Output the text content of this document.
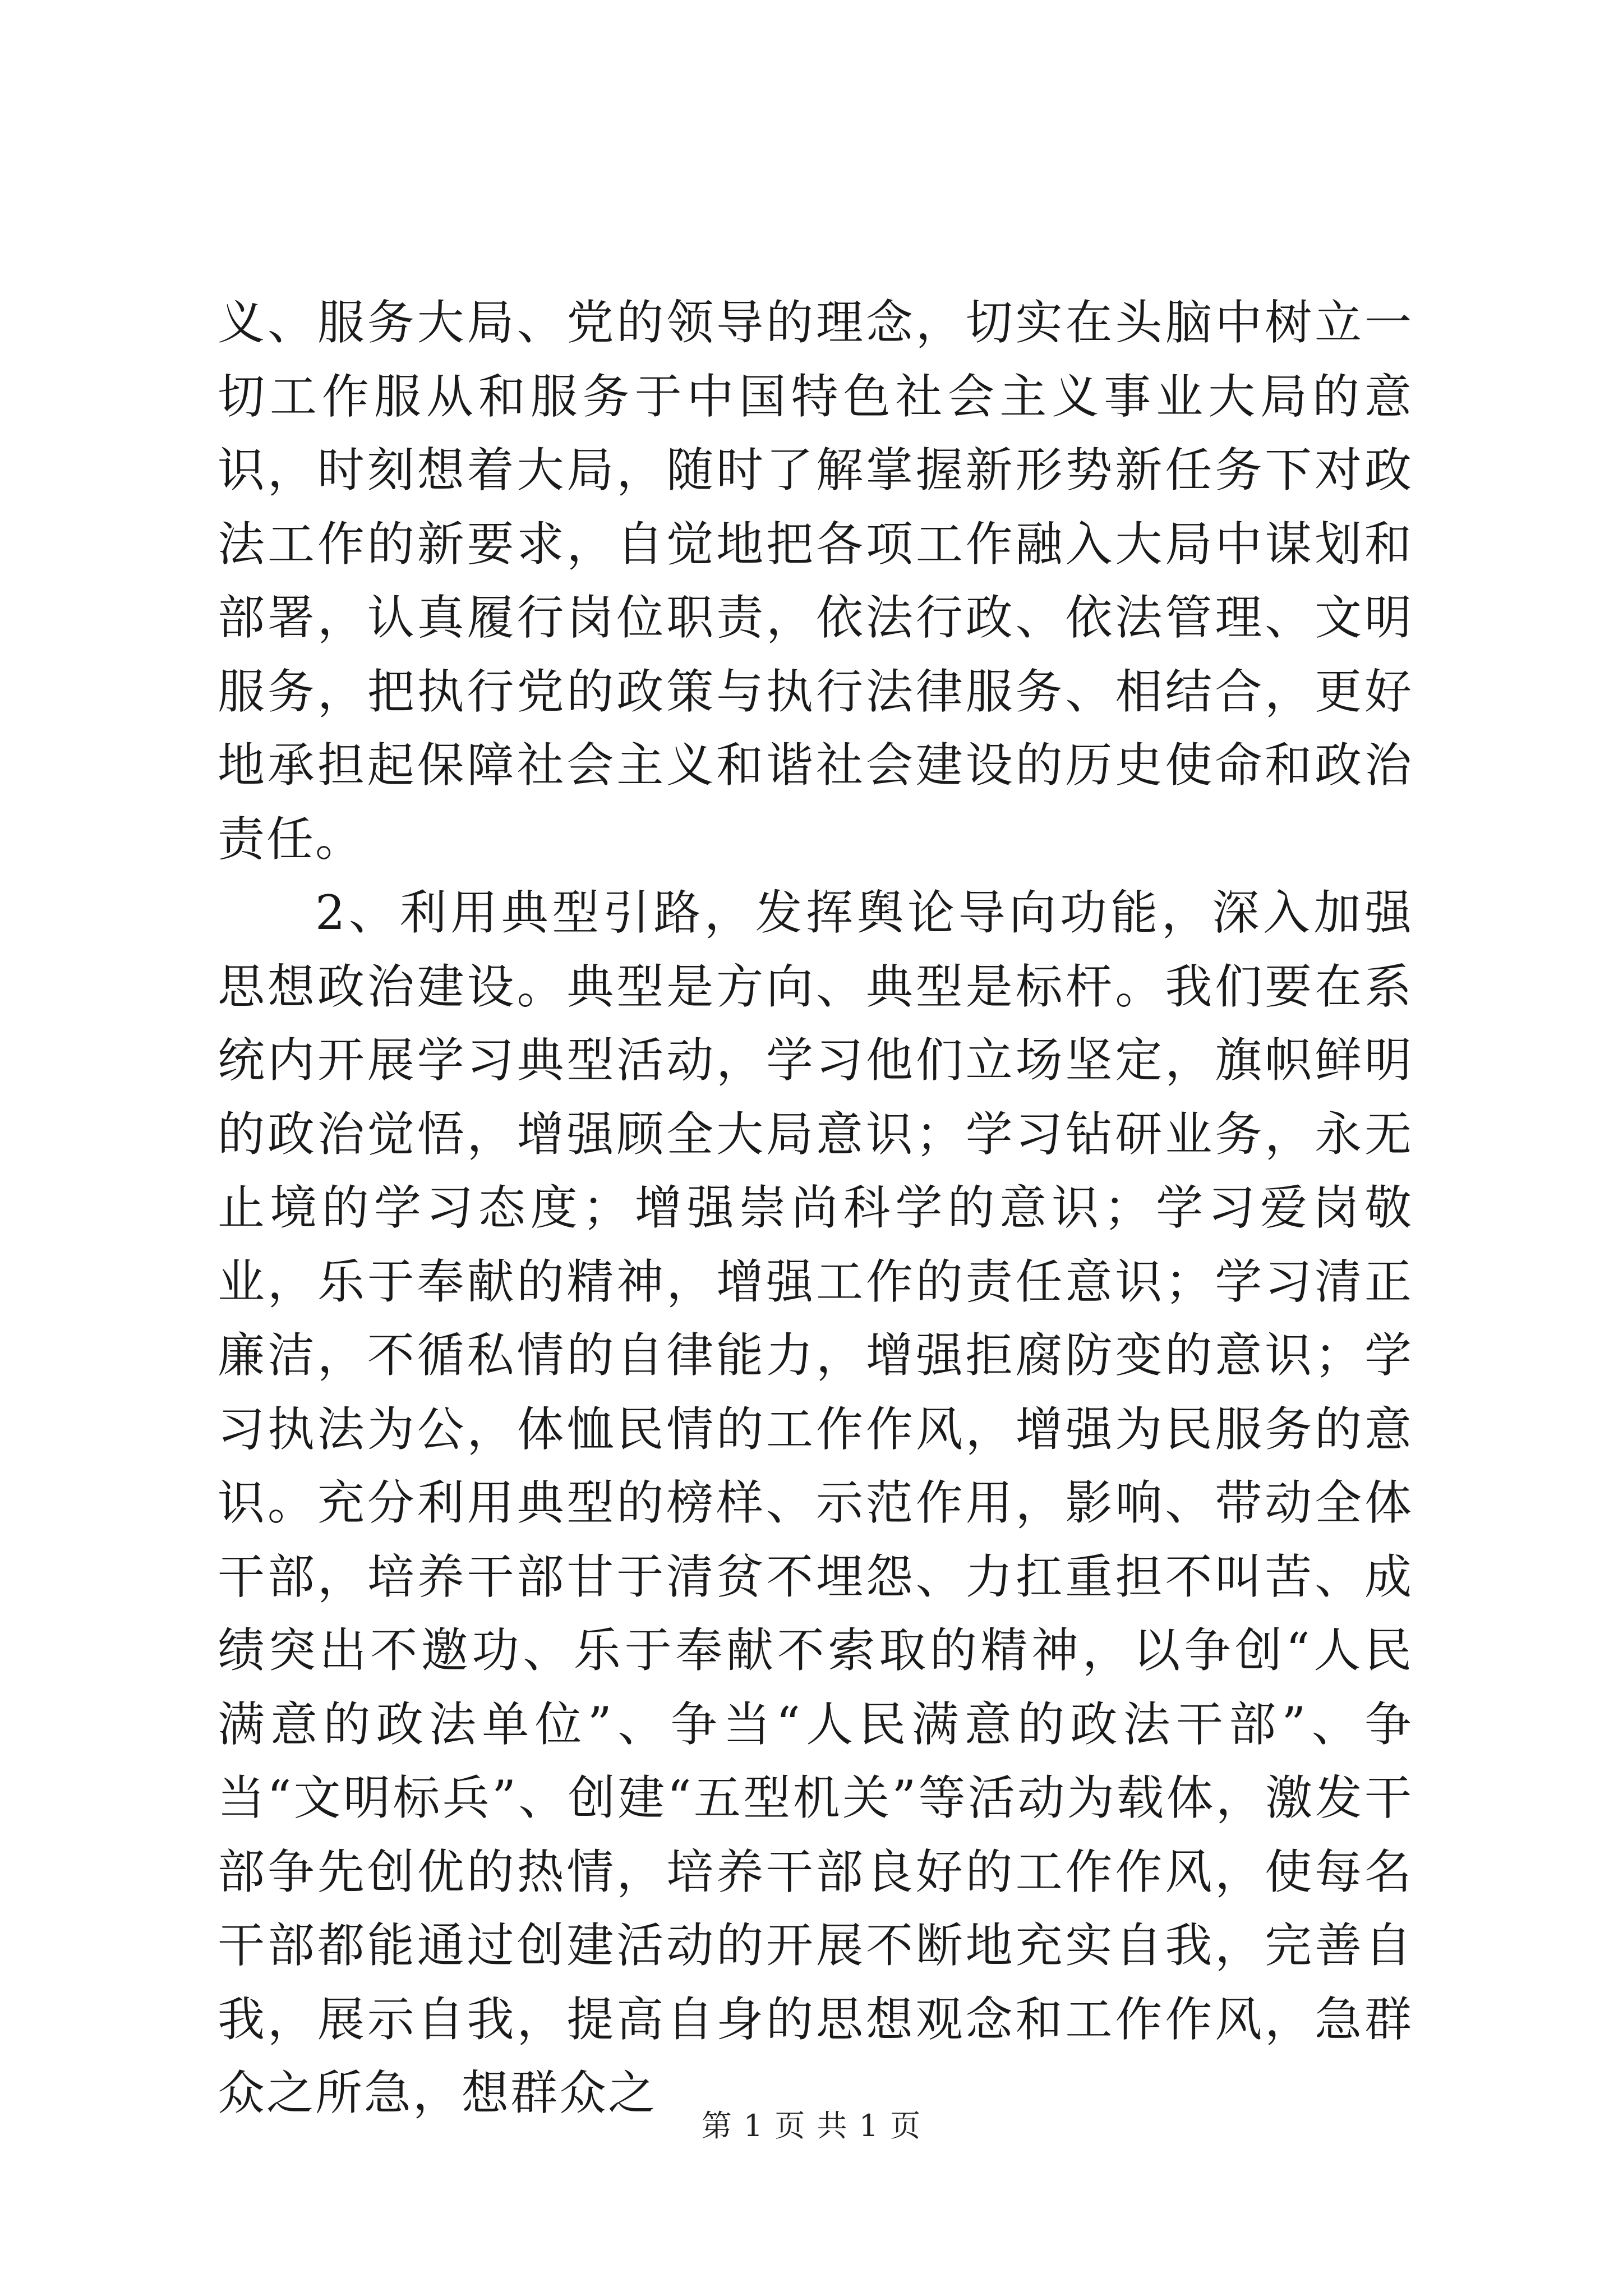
义、服务大局、党的领导的理念，切实在头脑中树立一切工作服从和服务于中国特色社会主义事业大局的意识，时刻想着大局，随时了解掌握新形势新任务下对政法工作的新要求，自觉地把各项工作融入大局中谋划和部署，认真履行岗位职责，依法行政、依法管理、文明服务，把执行党的政策与执行法律服务、相结合，更好地承担起保障社会主义和谐社会建设的历史使命和政治责任。

2、利用典型引路，发挥舆论导向功能，深入加强思想政治建设。典型是方向、典型是标杆。我们要在系统内开展学习典型活动，学习他们立场坚定，旗帜鲜明的政治觉悟，增强顾全大局意识；学习钻研业务，永无止境的学习态度；增强崇尚科学的意识；学习爱岗敬业，乐于奉献的精神，增强工作的责任意识；学习清正廉洁，不循私情的自律能力，增强拒腐防变的意识；学习执法为公，体恤民情的工作作风，增强为民服务的意识。充分利用典型的榜样、示范作用，影响、带动全体干部，培养干部甘于清贫不埋怨、力扛重担不叫苦、成绩突出不邀功、乐于奉献不索取的精神，以争创“人民满意的政法单位”、争当“人民满意的政法干部”、争当“文明标兵”、创建“五型机关”等活动为载体，激发干部争先创优的热情，培养干部良好的工作作风，使每名干部都能通过创建活动的开展不断地充实自我，完善自我，展示自我，提高自身的思想观念和工作作风，急群众之所急，想群众之

第 1 页 共 1 页
